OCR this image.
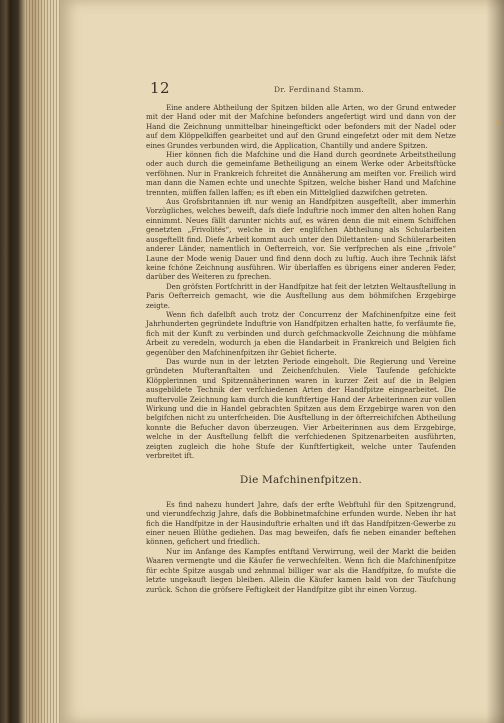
12	Dr. Ferdinand Stamm.

Eine andere Abtheilung der Spitzen bilden alle Arten, wo der Grund entweder mit der Hand oder mit der Mafchine befonders angefertigt wird und dann von der Hand die Zeichnung unmittelbar hineingeftickt oder befonders mit der Nadel oder auf dem Klöppelkiffen gearbeitet und auf den Grund eingefetzt oder mit dem Netze eines Grundes verbunden wird, die Application, Chantilly und andere Spitzen.

Hier können fich die Mafchine und die Hand durch geordnete Arbeitstheilung oder auch durch die gemeinfame Betheiligung an einem Werke oder Arbeitsftücke verföhnen. Nur in Frankreich fchreitet die Annäherung am meiften vor. Freilich wird man dann die Namen echte und unechte Spitzen, welche bisher Hand und Mafchine trennten, müffen fallen laffen; es ift eben ein Mittelglied dazwifchen getreten.

Aus Grofsbritannien ift nur wenig an Handfpitzen ausgeftellt, aber immerhin Vorzügliches, welches beweift, dafs diefe Induftrie noch immer den alten hohen Rang einnimmt. Neues fällt darunter nichts auf, es wären denn die mit einem Schiffchen genetzten „Frivolités“, welche in der englifchen Abtheilung als Schularbeiten ausgeftellt find. Diefe Arbeit kommt auch unter den Dilettanten- und Schülerarbeiten anderer Länder, namentlich in Oefterreich, vor. Sie verfprechen als eine „frivole“ Laune der Mode wenig Dauer und find denn doch zu luftig. Auch ihre Technik läfst keine fchöne Zeichnung ausführen. Wir überlaffen es übrigens einer anderen Feder, darüber des Weiteren zu fprechen.

Den gröfsten Fortfchritt in der Handfpitze hat feit der letzten Weltausftellung in Paris Oefterreich gemacht, wie die Ausftellung aus dem böhmifchen Erzgebirge zeigte.

Wenn fich dafelbft auch trotz der Concurrenz der Mafchinenfpitze eine feit Jahrhunderten gegründete Induftrie von Handfpitzen erhalten hatte, fo verfäumte fie, fich mit der Kunft zu verbinden und durch gefchmackvolle Zeichnung die mühfame Arbeit zu veredeln, wodurch ja eben die Handarbeit in Frankreich und Belgien fich gegenüber den Mafchinenfpitzen ihr Gebiet ficherte.

Das wurde nun in der letzten Periode eingeholt. Die Regierung und Vereine gründeten Mufteranftalten und Zeichenfchulen. Viele Taufende gefchickte Klöpplerinnen und Spitzennäherinnen waren in kurzer Zeit auf die in Belgien ausgebildete Technik der verfchiedenen Arten der Handfpitze eingearbeitet. Die muftervolle Zeichnung kam durch die kunftfertige Hand der Arbeiterinnen zur vollen Wirkung und die in Handel gebrachten Spitzen aus dem Erzgebirge waren von den belgifchen nicht zu unterfcheiden. Die Ausftellung in der öfterreichifchen Abtheilung konnte die Befucher davon überzeugen. Vier Arbeiterinnen aus dem Erzgebirge, welche in der Ausftellung felbft die verfchiedenen Spitzenarbeiten ausführten, zeigten zugleich die hohe Stufe der Kunftfertigkeit, welche unter Taufenden verbreitet ift.

Die Mafchinenfpitzen.

Es find nahezu hundert Jahre, dafs der erfte Webftuhl für den Spitzengrund, und vierundfechzig Jahre, dafs die Bobbinetmafchine erfunden wurde. Neben ihr hat fich die Handfpitze in der Hausinduftrie erhalten und ift das Handfpitzen-Gewerbe zu einer neuen Blüthe gediehen. Das mag beweifen, dafs fie neben einander beftehen können, gefichert und friedlich.

Nur im Anfange des Kampfes entftand Verwirrung, weil der Markt die beiden Waaren vermengte und die Käufer fie verwechfelten. Wenn fich die Mafchinenfpitze für echte Spitze ausgab und zehnmal billiger war als die Handfpitze, fo mufste die letzte ungekauft liegen bleiben. Allein die Käufer kamen bald von der Täufchung zurück. Schon die gröfsere Feftigkeit der Handfpitze gibt ihr einen Vorzug.
